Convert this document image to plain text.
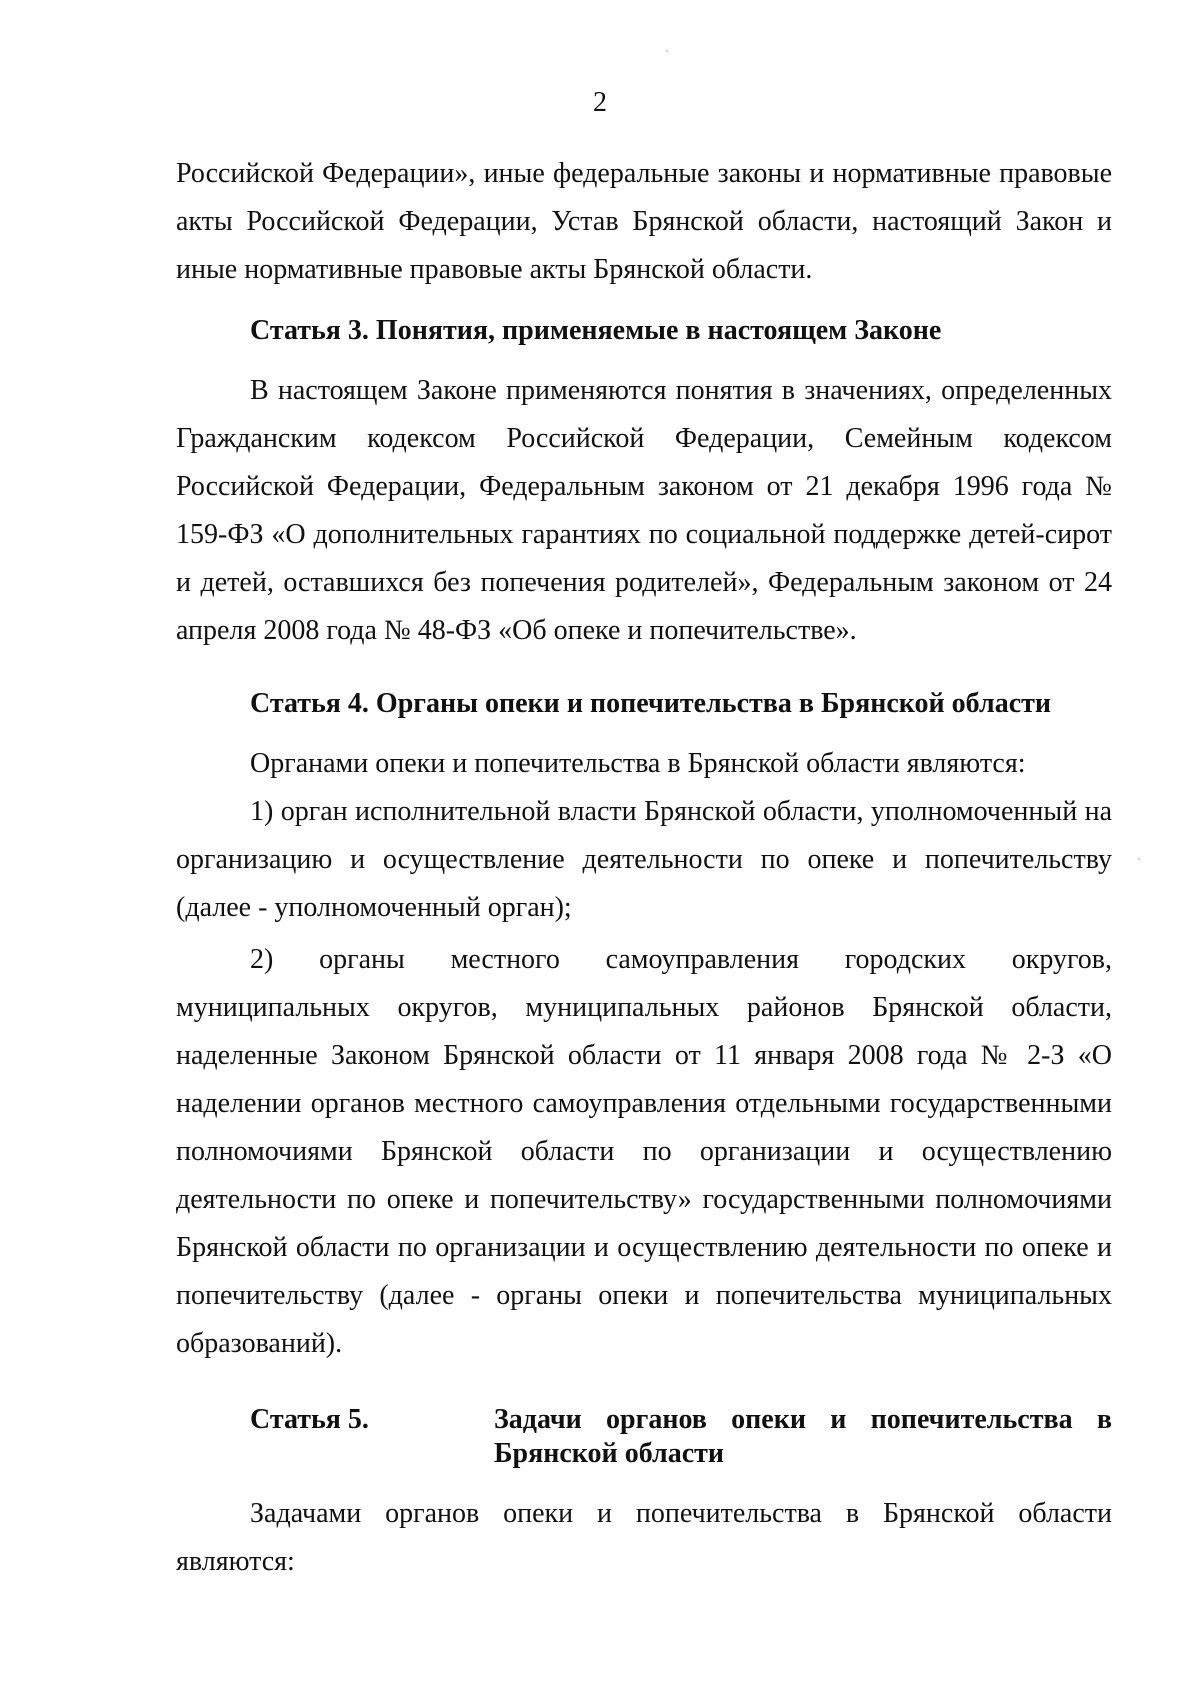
2

Российской Федерации», иные федеральные законы и нормативные правовые акты Российской Федерации, Устав Брянской области, настоящий Закон и иные нормативные правовые акты Брянской области.

Статья 3. Понятия, применяемые в настоящем Законе

В настоящем Законе применяются понятия в значениях, определенных Гражданским кодексом Российской Федерации, Семейным кодексом Российской Федерации, Федеральным законом от 21 декабря 1996 года № 159-ФЗ «О дополнительных гарантиях по социальной поддержке детей-сирот и детей, оставшихся без попечения родителей», Федеральным законом от 24 апреля 2008 года № 48-ФЗ «Об опеке и попечительстве».

Статья 4. Органы опеки и попечительства в Брянской области

Органами опеки и попечительства в Брянской области являются:

1) орган исполнительной власти Брянской области, уполномоченный на организацию и осуществление деятельности по опеке и попечительству (далее - уполномоченный орган);

2) органы местного самоуправления городских округов, муниципальных округов, муниципальных районов Брянской области, наделенные Законом Брянской области от 11 января 2008 года № 2-З «О наделении органов местного самоуправления отдельными государственными полномочиями Брянской области по организации и осуществлению деятельности по опеке и попечительству» государственными полномочиями Брянской области по организации и осуществлению деятельности по опеке и попечительству (далее - органы опеки и попечительства муниципальных образований).

Статья 5.	Задачи органов опеки и попечительства в Брянской области

Задачами органов опеки и попечительства в Брянской области являются:
